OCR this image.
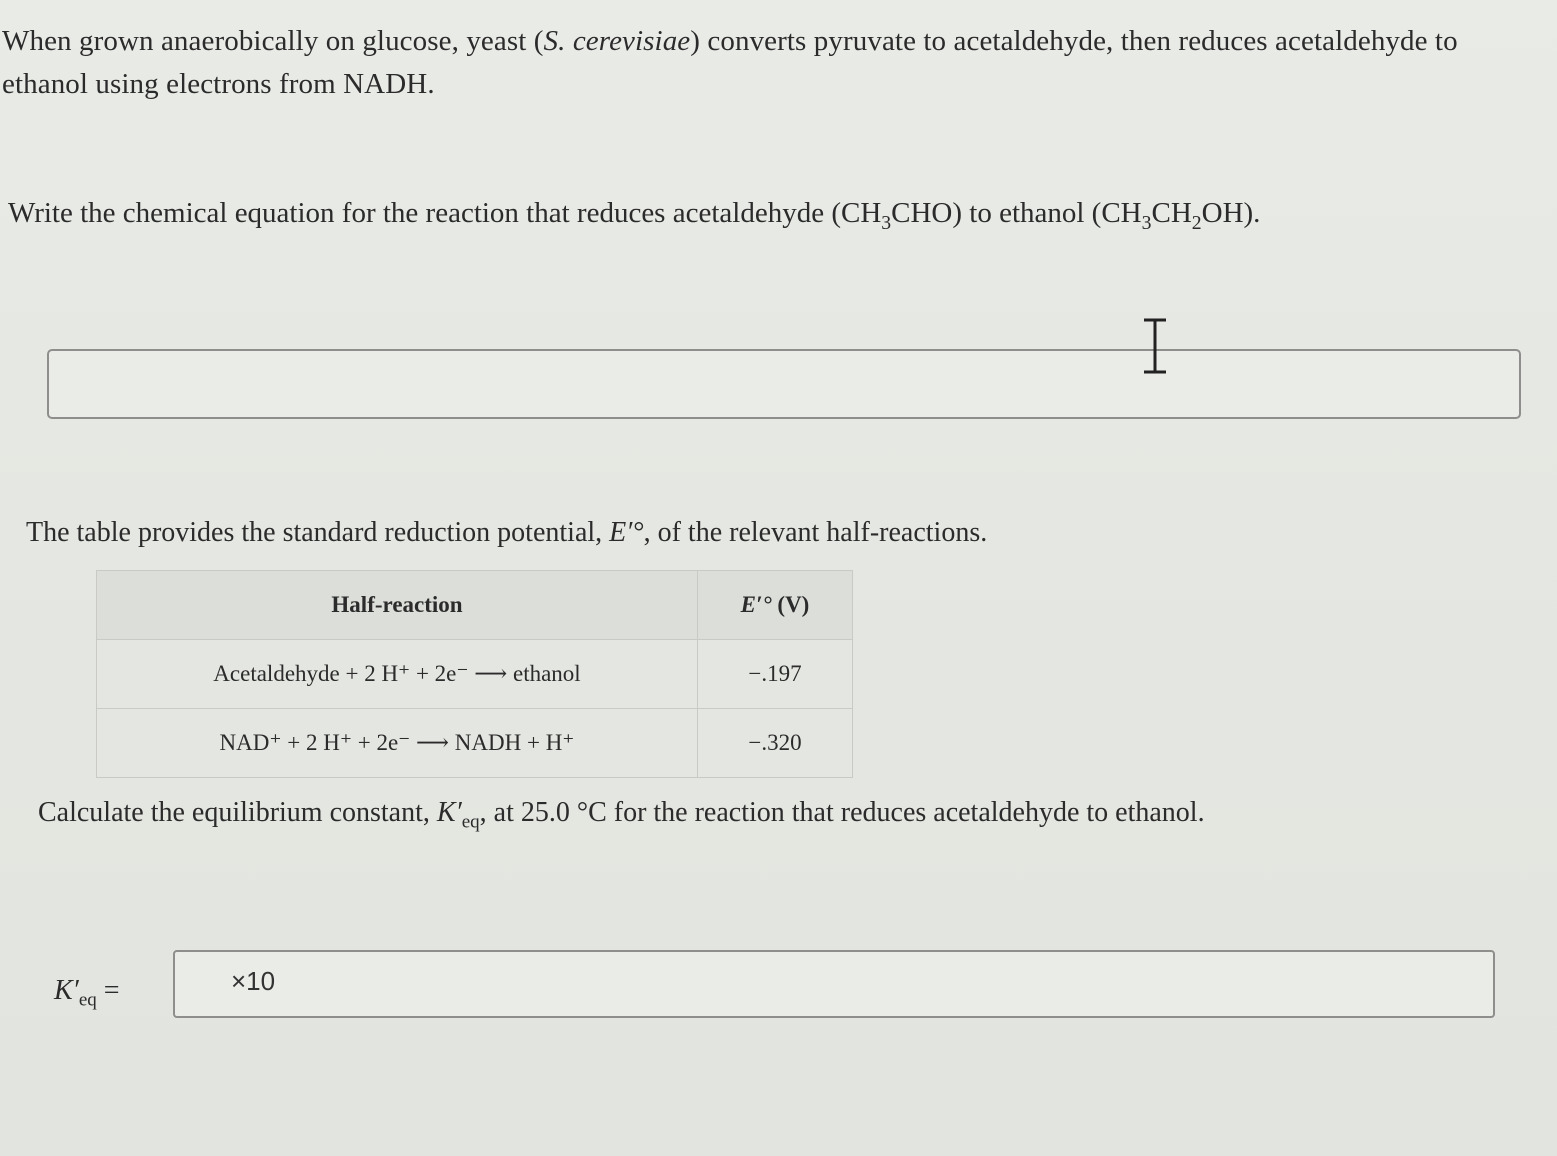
When grown anaerobically on glucose, yeast (S. cerevisiae) converts pyruvate to acetaldehyde, then reduces acetaldehyde to ethanol using electrons from NADH.
Write the chemical equation for the reaction that reduces acetaldehyde $(CH_3CHO)$ to ethanol $(CH_3CH_2OH)$.
The table provides the standard reduction potential, E′°, of the relevant half-reactions.
Half-reaction	E′° (V)
Acetaldehyde + 2 H⁺ + 2e⁻ ⟶ ethanol	−.197
NAD⁺ + 2 H⁺ + 2e⁻ ⟶ NADH + H⁺	−.320
Calculate the equilibrium constant, $K'_{eq}$, at 25.0 °C for the reaction that reduces acetaldehyde to ethanol.
$K'_{eq}$ =	×10
